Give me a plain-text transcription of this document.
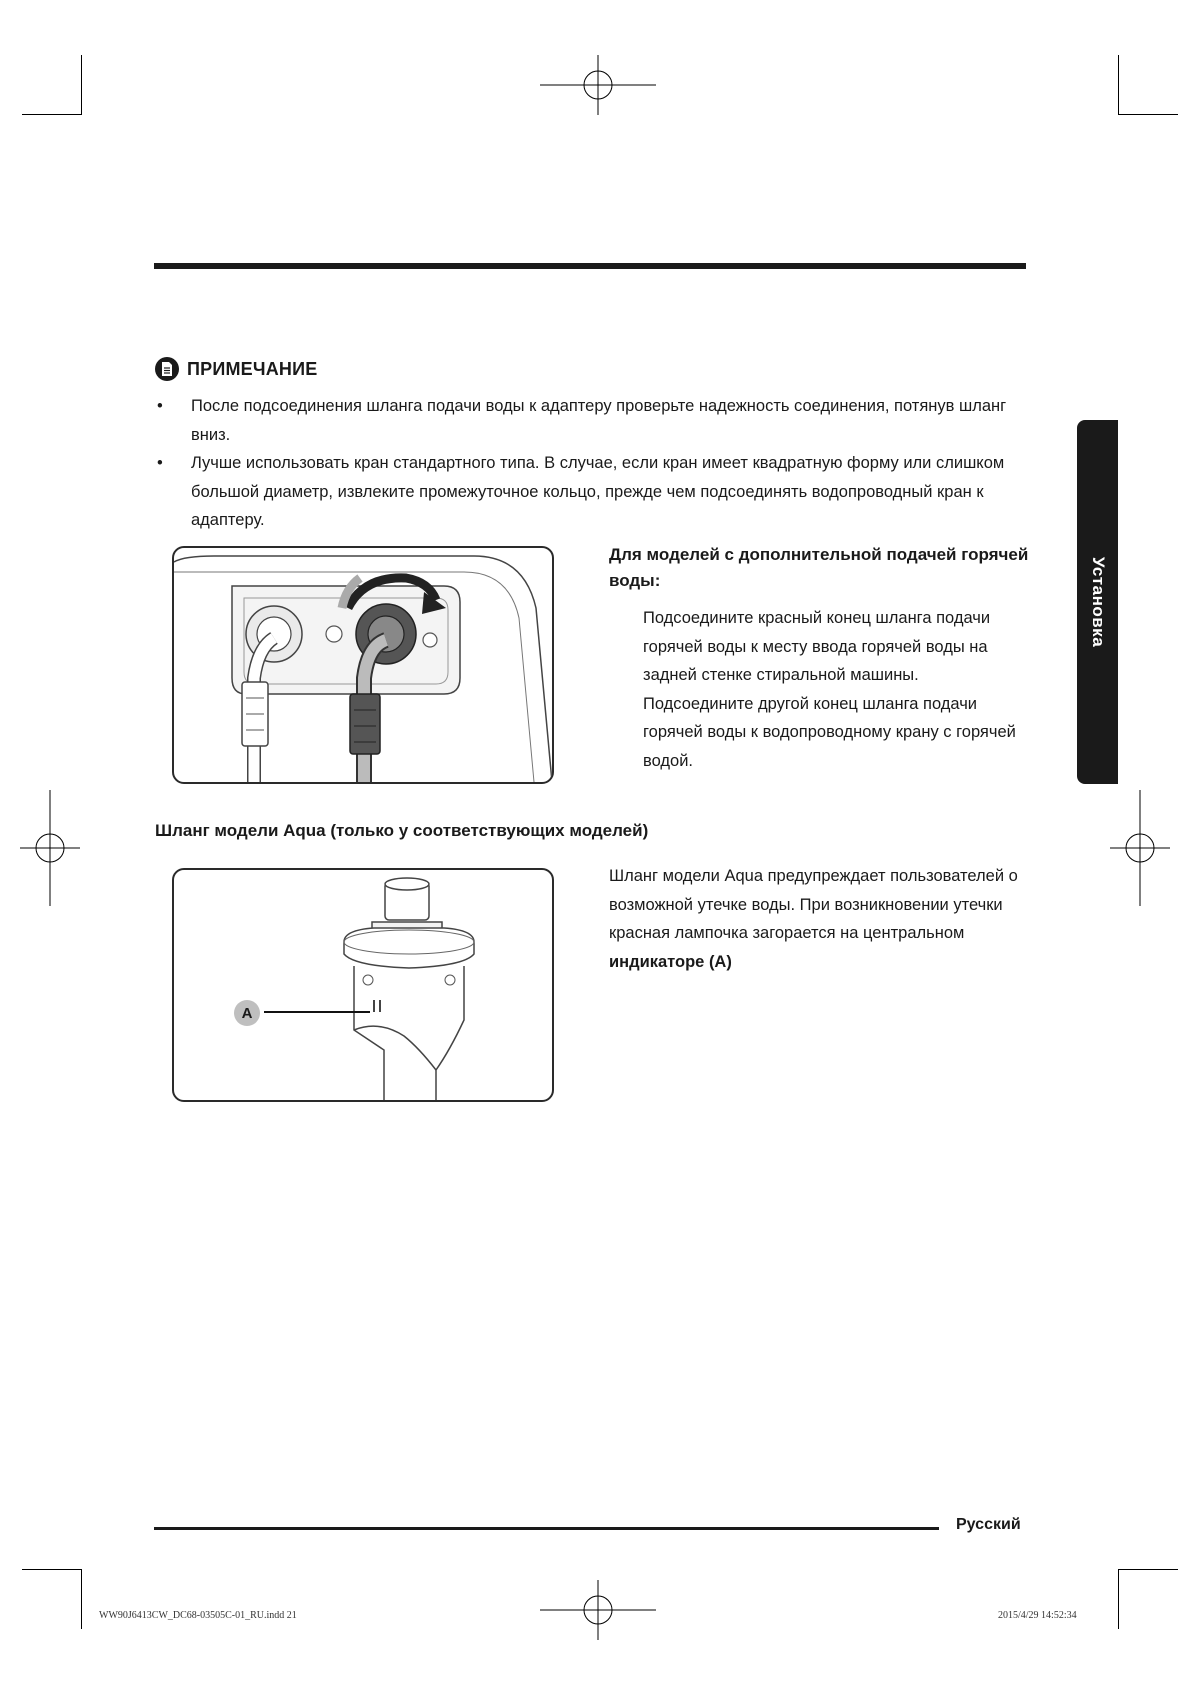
ПРИМЕЧАНИЕ
•	После подсоединения шланга подачи воды к адаптеру проверьте надежность соединения, потянув шланг вниз.
•	Лучше использовать кран стандартного типа. В случае, если кран имеет квадратную форму или слишком большой диаметр, извлеките промежуточное кольцо, прежде чем подсоединять водопроводный кран к адаптеру.
Установка
Для моделей с дополнительной подачей горячей воды:
Подсоедините красный конец шланга подачи горячей воды к месту ввода горячей воды на задней стенке стиральной машины. Подсоедините другой конец шланга подачи горячей воды к водопроводному крану с горячей водой.
Шланг модели Aqua (только у соответствующих моделей)
A
Шланг модели Aqua предупреждает пользователей о возможной утечке воды. При возникновении утечки красная лампочка загорается на центральном индикаторе (A)
Русский
WW90J6413CW_DC68-03505C-01_RU.indd 21	2015/4/29 14:52:34
